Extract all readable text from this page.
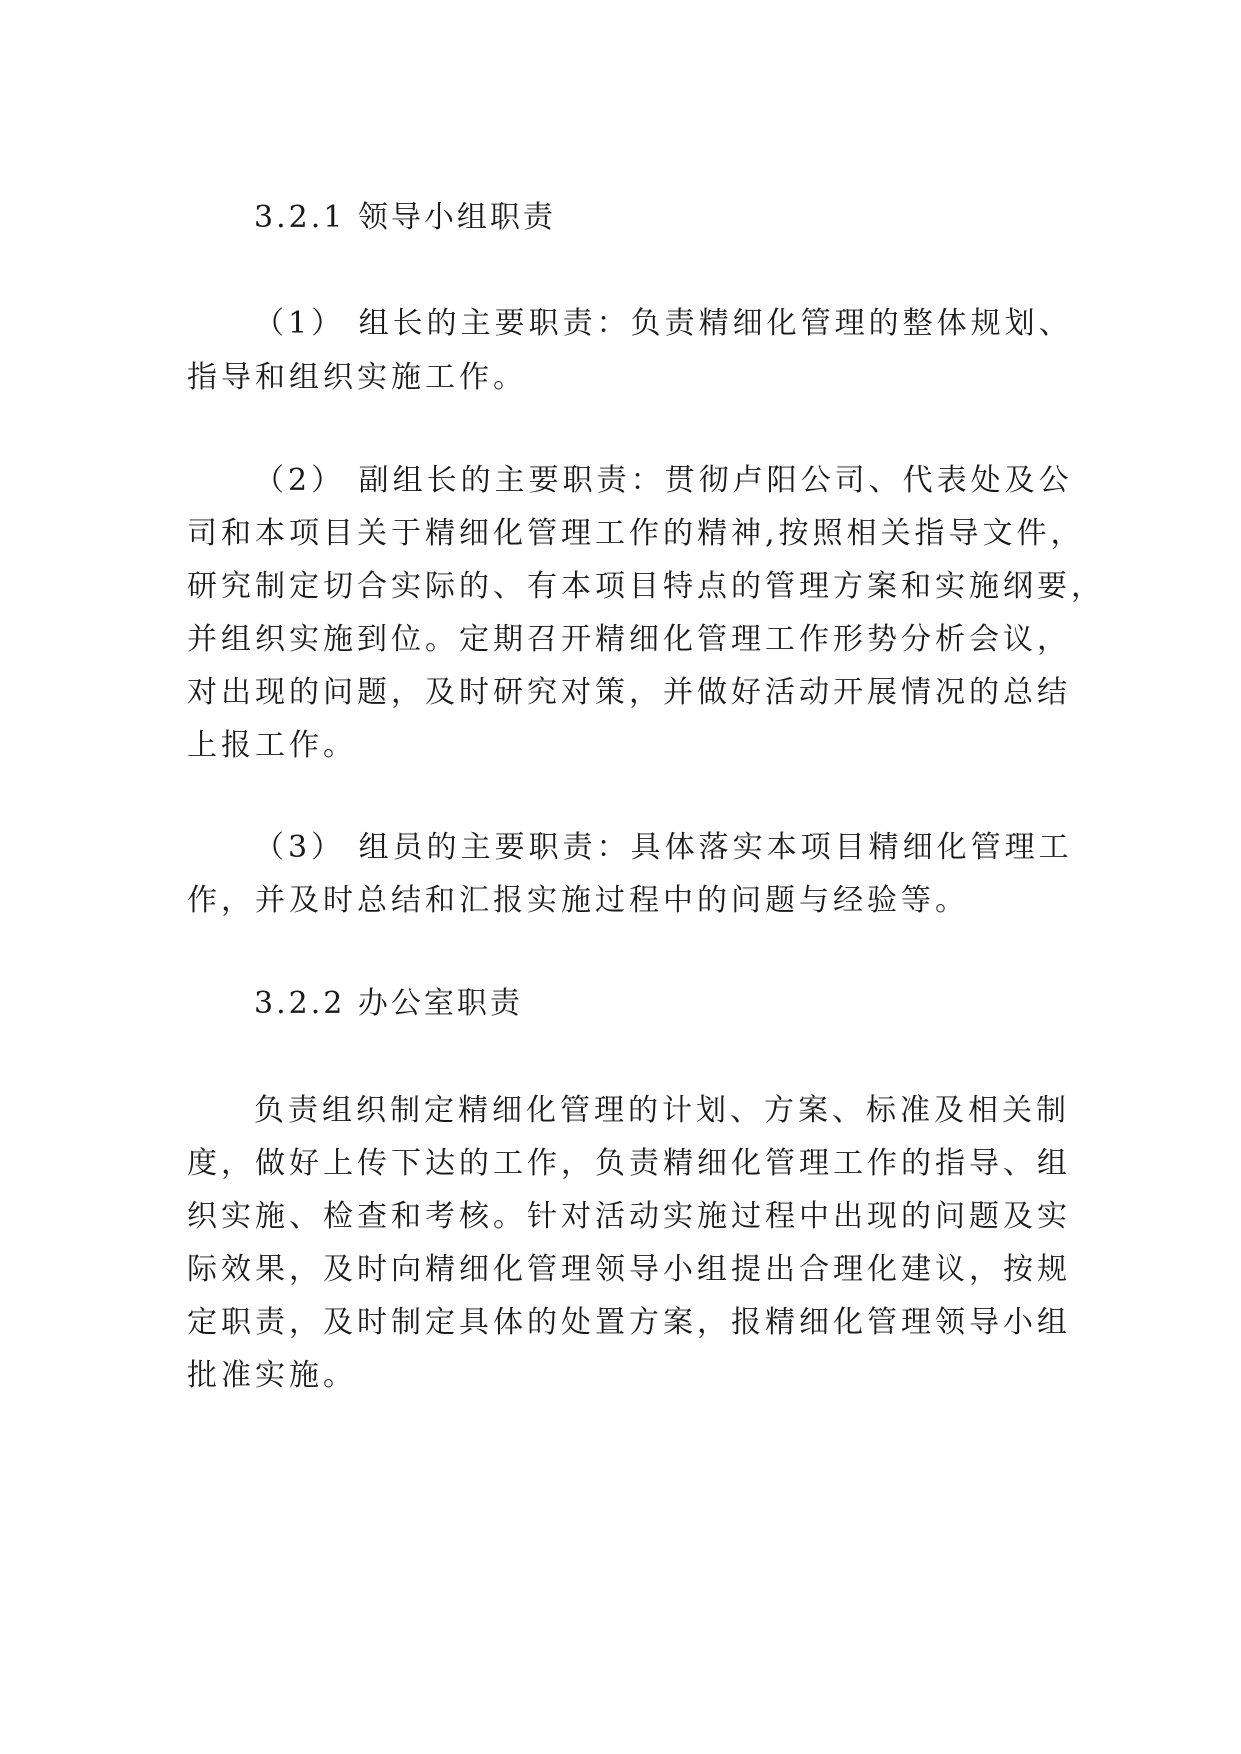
3.2.1 领导小组职责

（1） 组长的主要职责：负责精细化管理的整体规划、

指导和组织实施工作。

（2） 副组长的主要职责：贯彻卢阳公司、代表处及公

司和本项目关于精细化管理工作的精神,按照相关指导文件，

研究制定切合实际的、有本项目特点的管理方案和实施纲要，

并组织实施到位。定期召开精细化管理工作形势分析会议，

对出现的问题，及时研究对策，并做好活动开展情况的总结

上报工作。

（3） 组员的主要职责：具体落实本项目精细化管理工

作，并及时总结和汇报实施过程中的问题与经验等。

3.2.2 办公室职责

负责组织制定精细化管理的计划、方案、标准及相关制

度，做好上传下达的工作，负责精细化管理工作的指导、组

织实施、检查和考核。针对活动实施过程中出现的问题及实

际效果，及时向精细化管理领导小组提出合理化建议，按规

定职责，及时制定具体的处置方案，报精细化管理领导小组

批准实施。
